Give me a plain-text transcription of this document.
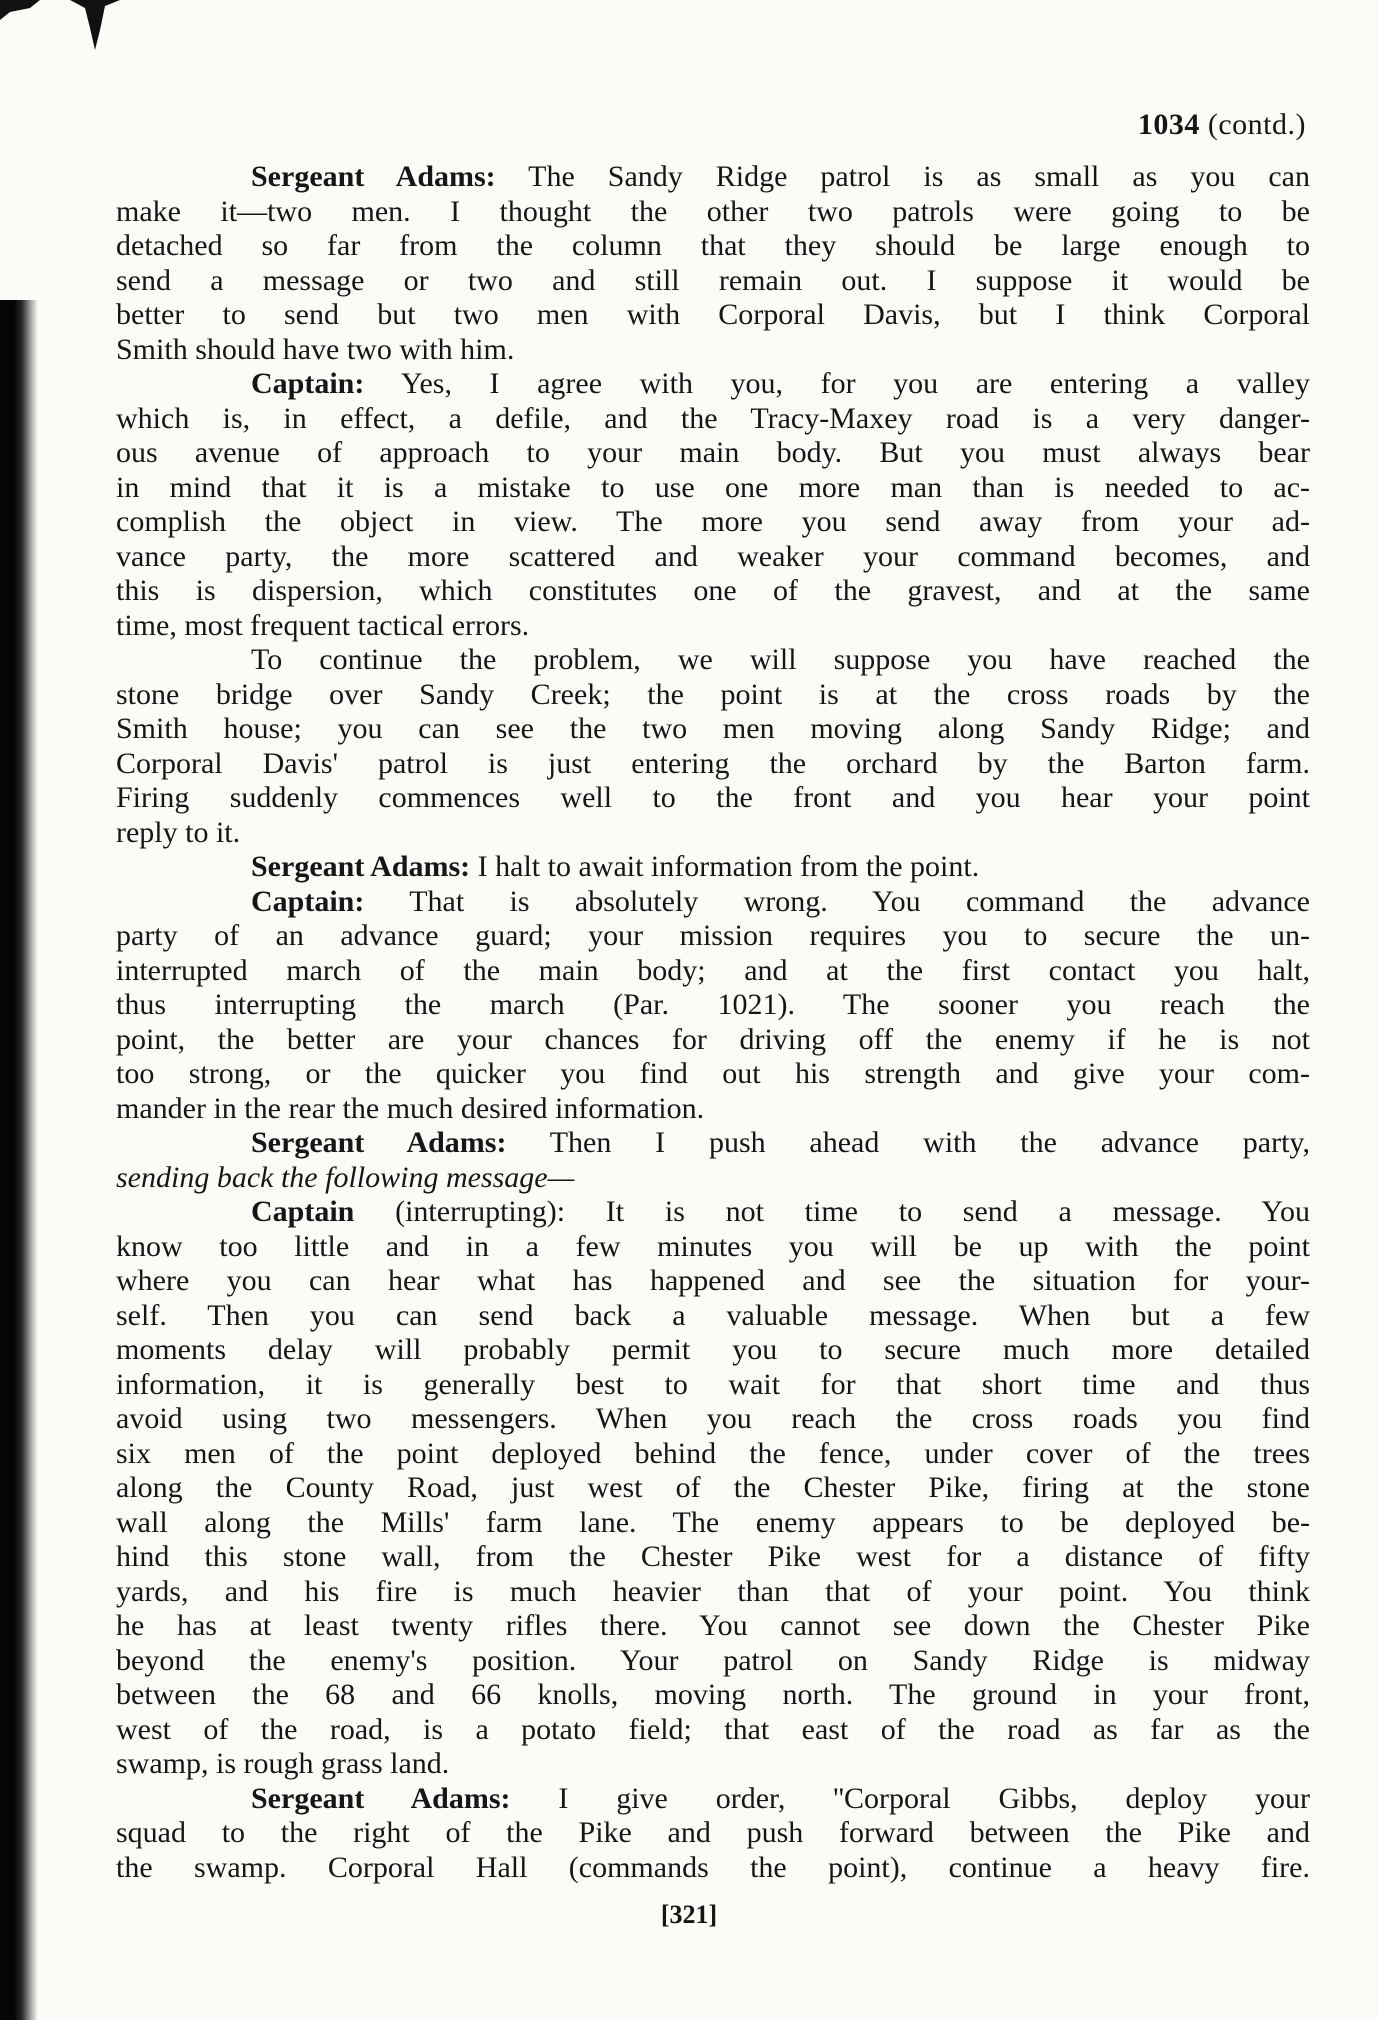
1034 (contd.)
Sergeant Adams: The Sandy Ridge patrol is as small as you can
make it—two men. I thought the other two patrols were going to be
detached so far from the column that they should be large enough to
send a message or two and still remain out. I suppose it would be
better to send but two men with Corporal Davis, but I think Corporal
Smith should have two with him.
Captain: Yes, I agree with you, for you are entering a valley
which is, in effect, a defile, and the Tracy-Maxey road is a very danger-
ous avenue of approach to your main body. But you must always bear
in mind that it is a mistake to use one more man than is needed to ac-
complish the object in view. The more you send away from your ad-
vance party, the more scattered and weaker your command becomes, and
this is dispersion, which constitutes one of the gravest, and at the same
time, most frequent tactical errors.
To continue the problem, we will suppose you have reached the
stone bridge over Sandy Creek; the point is at the cross roads by the
Smith house; you can see the two men moving along Sandy Ridge; and
Corporal Davis' patrol is just entering the orchard by the Barton farm.
Firing suddenly commences well to the front and you hear your point
reply to it.
Sergeant Adams: I halt to await information from the point.
Captain: That is absolutely wrong. You command the advance
party of an advance guard; your mission requires you to secure the un-
interrupted march of the main body; and at the first contact you halt,
thus interrupting the march (Par. 1021). The sooner you reach the
point, the better are your chances for driving off the enemy if he is not
too strong, or the quicker you find out his strength and give your com-
mander in the rear the much desired information.
Sergeant Adams: Then I push ahead with the advance party,
sending back the following message—
Captain (interrupting): It is not time to send a message. You
know too little and in a few minutes you will be up with the point
where you can hear what has happened and see the situation for your-
self. Then you can send back a valuable message. When but a few
moments delay will probably permit you to secure much more detailed
information, it is generally best to wait for that short time and thus
avoid using two messengers. When you reach the cross roads you find
six men of the point deployed behind the fence, under cover of the trees
along the County Road, just west of the Chester Pike, firing at the stone
wall along the Mills' farm lane. The enemy appears to be deployed be-
hind this stone wall, from the Chester Pike west for a distance of fifty
yards, and his fire is much heavier than that of your point. You think
he has at least twenty rifles there. You cannot see down the Chester Pike
beyond the enemy's position. Your patrol on Sandy Ridge is midway
between the 68 and 66 knolls, moving north. The ground in your front,
west of the road, is a potato field; that east of the road as far as the
swamp, is rough grass land.
Sergeant Adams: I give order, ''Corporal Gibbs, deploy your
squad to the right of the Pike and push forward between the Pike and
the swamp. Corporal Hall (commands the point), continue a heavy fire.
[321]
